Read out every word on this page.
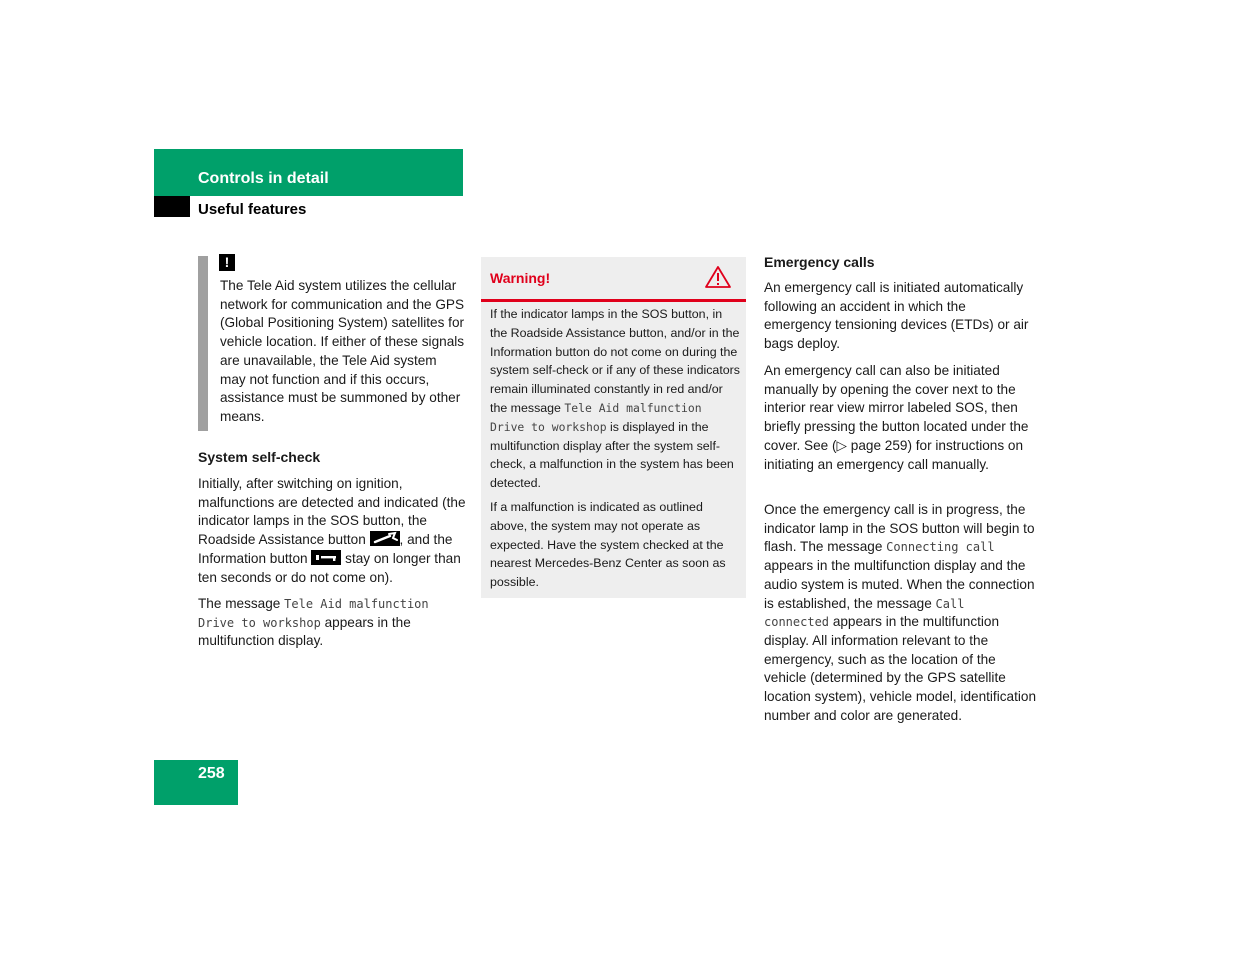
Controls in detail
Useful features
!
The Tele Aid system utilizes the cellular network for communication and the GPS (Global Positioning System) satellites for vehicle location. If either of these signals are unavailable, the Tele Aid system may not function and if this occurs, assistance must be summoned by other means.
System self-check
Initially, after switching on ignition, malfunctions are detected and indicated (the indicator lamps in the SOS button, the Roadside Assistance button , and the Information button	stay on longer than ten seconds or do not come on).
The message Tele Aid malfunction Drive to workshop appears in the multifunction display.
Warning!
If the indicator lamps in the SOS button, in the Roadside Assistance button, and/or in the Information button do not come on during the system self-check or if any of these indicators remain illuminated constantly in red and/or the message Tele Aid malfunction Drive to workshop is displayed in the multifunction display after the system self-check, a malfunction in the system has been detected.
If a malfunction is indicated as outlined above, the system may not operate as expected. Have the system checked at the nearest Mercedes-Benz Center as soon as possible.
Emergency calls
An emergency call is initiated automatically following an accident in which the emergency tensioning devices (ETDs) or air bags deploy.
An emergency call can also be initiated manually by opening the cover next to the interior rear view mirror labeled SOS, then briefly pressing the button located under the cover. See (▷ page 259) for instructions on initiating an emergency call manually.
Once the emergency call is in progress, the indicator lamp in the SOS button will begin to flash. The message Connecting call appears in the multifunction display and the audio system is muted. When the connection is established, the message Call connected appears in the multifunction display. All information relevant to the emergency, such as the location of the vehicle (determined by the GPS satellite location system), vehicle model, identification number and color are generated.
258
